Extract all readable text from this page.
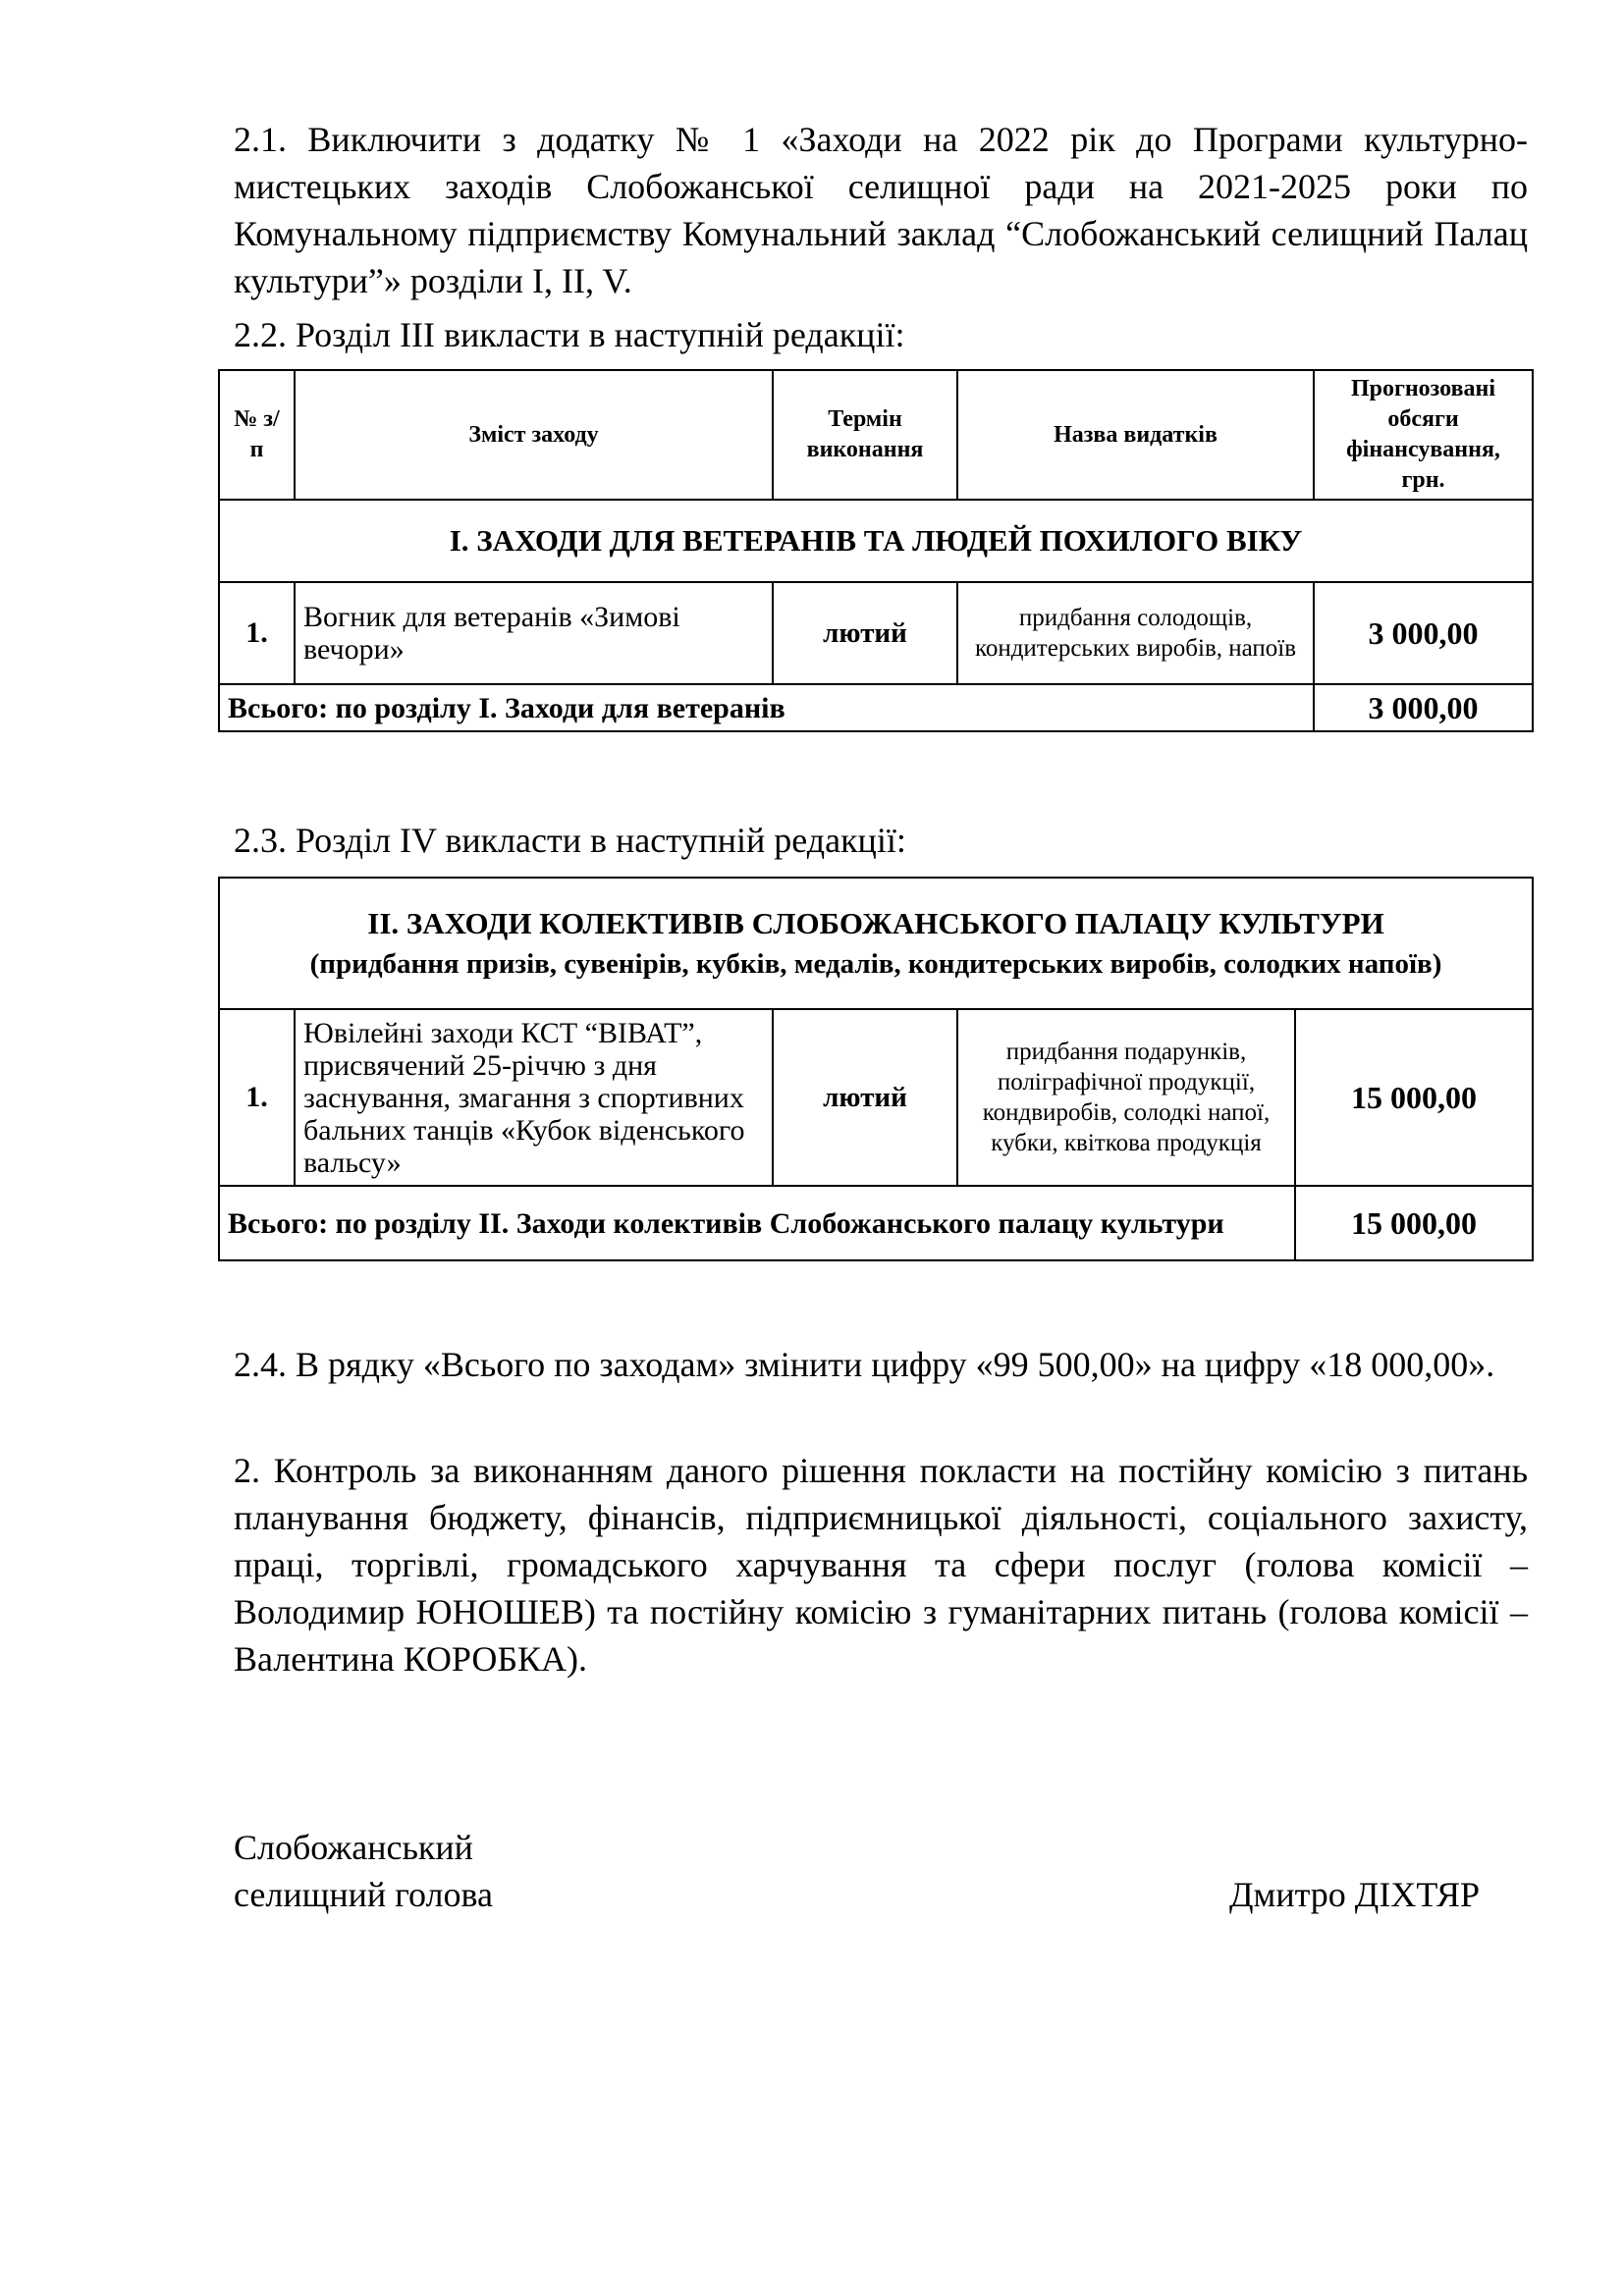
2.1. Виключити з додатку № 1 «Заходи на 2022 рік до Програми культурно-мистецьких заходів Слобожанської селищної ради на 2021-2025 роки по Комунальному підприємству Комунальний заклад “Слобожанський селищний Палац культури”» розділи I, II, V.

2.2. Розділ III викласти в наступній редакції:

№ з/п	Зміст заходу	Термін виконання	Назва видатків	Прогнозовані обсяги фінансування, грн.
І. ЗАХОДИ ДЛЯ ВЕТЕРАНІВ ТА ЛЮДЕЙ ПОХИЛОГО ВІКУ				
1.	Вогник для ветеранів «Зимові вечори»	лютий	придбання солодощів, кондитерських виробів, напоїв	3 000,00
Всього: по розділу І. Заходи для ветеранів				3 000,00

2.3. Розділ IV викласти в наступній редакції:

ІІ. ЗАХОДИ КОЛЕКТИВІВ СЛОБОЖАНСЬКОГО ПАЛАЦУ КУЛЬТУРИ
(придбання призів, сувенірів, кубків, медалів, кондитерських виробів, солодких напоїв)				

1.	Ювілейні заходи КСТ “ВІВАТ”, присвячений 25-річчю з дня заснування, змагання з спортивних бальних танців «Кубок віденського вальсу»	лютий	придбання подарунків, поліграфічної продукції, кондвиробів, солодкі напої, кубки, квіткова продукція	15 000,00
Всього: по розділу ІІ. Заходи колективів Слобожанського палацу культури				15 000,00

2.4. В рядку «Всього по заходам» змінити цифру «99 500,00» на цифру «18 000,00».

2. Контроль за виконанням даного рішення покласти на постійну комісію з питань планування бюджету, фінансів, підприємницької діяльності, соціального захисту, праці, торгівлі, громадського харчування та сфери послуг (голова комісії – Володимир ЮНОШЕВ) та постійну комісію з гуманітарних питань (голова комісії – Валентина КОРОБКА).

Слобожанський
селищний голова	Дмитро ДІХТЯР
